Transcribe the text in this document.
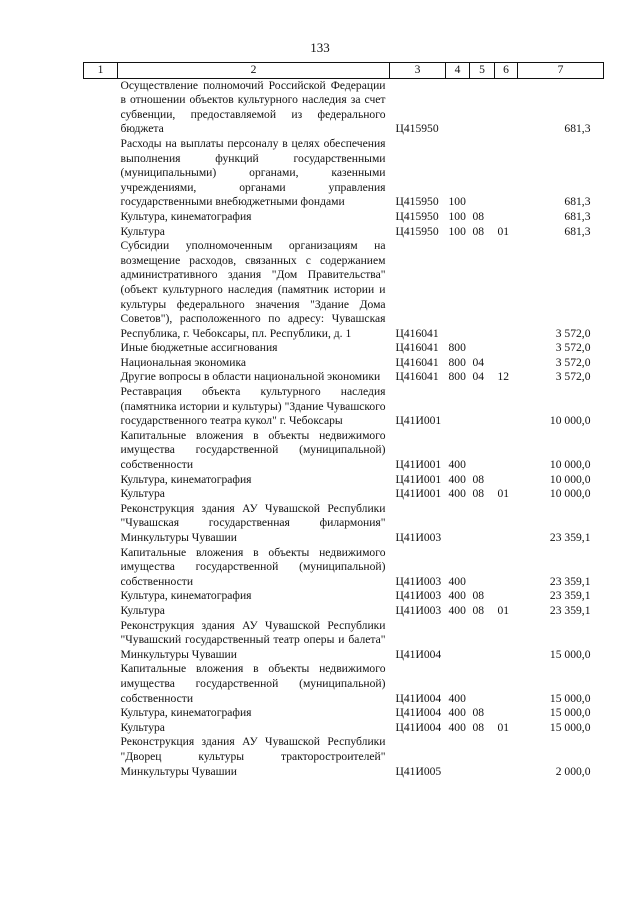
133
1	2	3	4	5	6	7
	Осуществление полномочий Российской Федерации в отношении объектов культурного наследия за счет субвенции, предоставляемой из федерального бюджета	Ц415950				681,3
	Расходы на выплаты персоналу в целях обеспечения выполнения функций государственными (муниципальными) органами, казенными учреждениями, органами управления государственными внебюджетными фондами	Ц415950	100			681,3
	Культура, кинематография	Ц415950	100	08		681,3
	Культура	Ц415950	100	08	01	681,3
	Субсидии уполномоченным организациям на возмещение расходов, связанных с содержанием административного здания "Дом Правительства" (объект культурного наследия (памятник истории и культуры федерального значения "Здание Дома Советов"), расположенного по адресу: Чувашская Республика, г. Чебоксары, пл. Республики, д. 1	Ц416041				3 572,0
	Иные бюджетные ассигнования	Ц416041	800			3 572,0
	Национальная экономика	Ц416041	800	04		3 572,0
	Другие вопросы в области национальной экономики	Ц416041	800	04	12	3 572,0
	Реставрация объекта культурного наследия (памятника истории и культуры) "Здание Чувашского государственного театра кукол" г. Чебоксары	Ц41И001				10 000,0
	Капитальные вложения в объекты недвижимого имущества государственной (муниципальной) собственности	Ц41И001	400			10 000,0
	Культура, кинематография	Ц41И001	400	08		10 000,0
	Культура	Ц41И001	400	08	01	10 000,0
	Реконструкция здания АУ Чувашской Республики "Чувашская государственная филармония" Минкультуры Чувашии	Ц41И003				23 359,1
	Капитальные вложения в объекты недвижимого имущества государственной (муниципальной) собственности	Ц41И003	400			23 359,1
	Культура, кинематография	Ц41И003	400	08		23 359,1
	Культура	Ц41И003	400	08	01	23 359,1
	Реконструкция здания АУ Чувашской Республики "Чувашский государственный театр оперы и балета" Минкультуры Чувашии	Ц41И004				15 000,0
	Капитальные вложения в объекты недвижимого имущества государственной (муниципальной) собственности	Ц41И004	400			15 000,0
	Культура, кинематография	Ц41И004	400	08		15 000,0
	Культура	Ц41И004	400	08	01	15 000,0
	Реконструкция здания АУ Чувашской Республики "Дворец культуры тракторостроителей" Минкультуры Чувашии	Ц41И005				2 000,0
